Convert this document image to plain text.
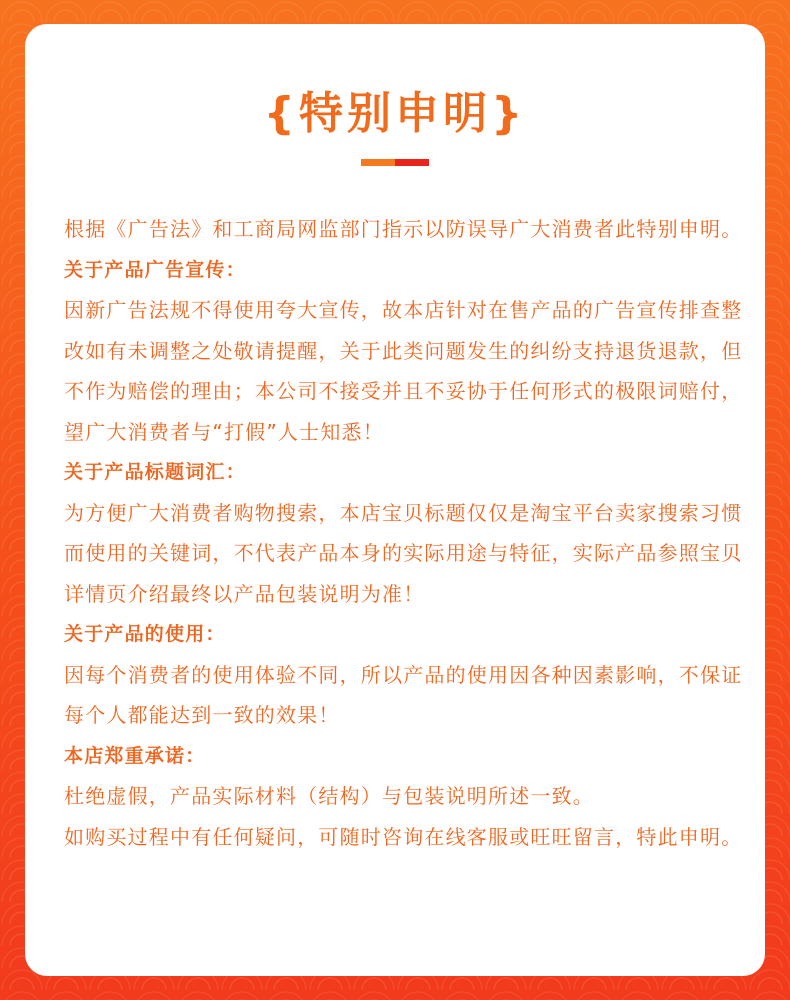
{特别申明}

根据《广告法》和工商局网监部门指示以防误导广大消费者此特别申明。

关于产品广告宣传：

因新广告法规不得使用夸大宣传，故本店针对在售产品的广告宣传排查整改如有未调整之处敬请提醒，关于此类问题发生的纠纷支持退货退款，但不作为赔偿的理由；本公司不接受并且不妥协于任何形式的极限词赔付，望广大消费者与“打假”人士知悉！

关于产品标题词汇：

为方便广大消费者购物搜索，本店宝贝标题仅仅是淘宝平台卖家搜索习惯而使用的关键词，不代表产品本身的实际用途与特征，实际产品参照宝贝详情页介绍最终以产品包装说明为准！

关于产品的使用：

因每个消费者的使用体验不同，所以产品的使用因各种因素影响，不保证每个人都能达到一致的效果！

本店郑重承诺：

杜绝虚假，产品实际材料（结构）与包装说明所述一致。

如购买过程中有任何疑问，可随时咨询在线客服或旺旺留言，特此申明。
